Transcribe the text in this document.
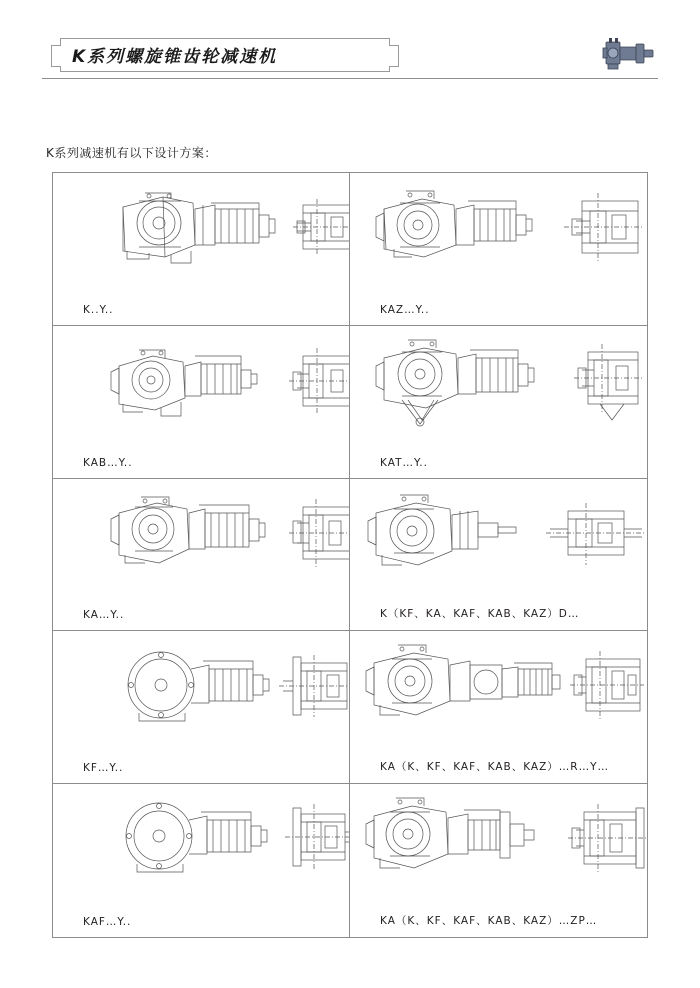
K系列螺旋锥齿轮减速机
K系列减速机有以下设计方案：
K..Y..	KAZ…Y..
KAB…Y..	KAT…Y..
KA…Y..	K（KF、KA、KAF、KAB、KAZ）D…
KF…Y..	KA（K、KF、KAF、KAB、KAZ）…R…Y…
KAF…Y..	KA（K、KF、KAF、KAB、KAZ）…ZP…
